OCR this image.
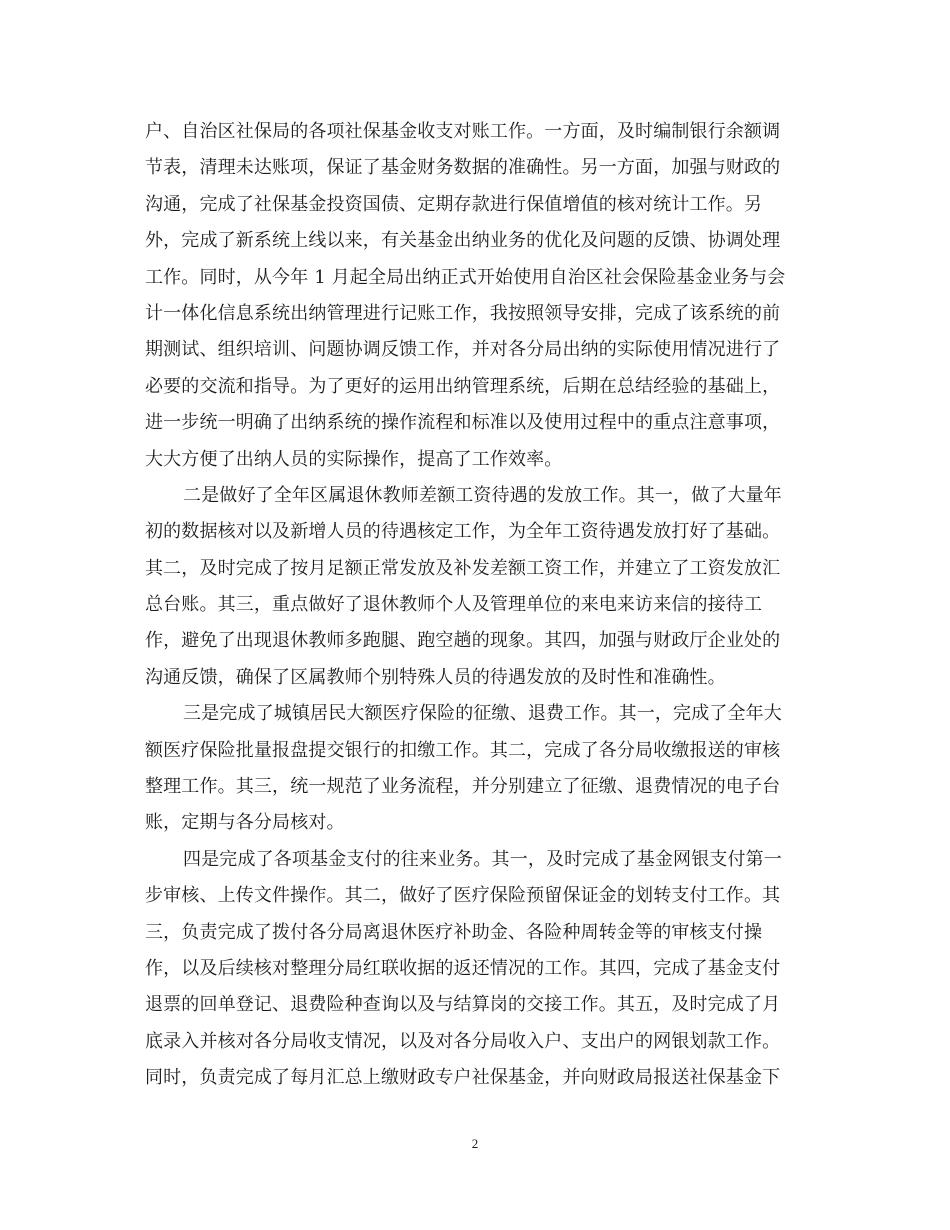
户、自治区社保局的各项社保基金收支对账工作。一方面，及时编制银行余额调
节表，清理未达账项，保证了基金财务数据的准确性。另一方面，加强与财政的
沟通，完成了社保基金投资国债、定期存款进行保值增值的核对统计工作。另
外，完成了新系统上线以来，有关基金出纳业务的优化及问题的反馈、协调处理
工作。同时，从今年 1 月起全局出纳正式开始使用自治区社会保险基金业务与会
计一体化信息系统出纳管理进行记账工作，我按照领导安排，完成了该系统的前
期测试、组织培训、问题协调反馈工作，并对各分局出纳的实际使用情况进行了
必要的交流和指导。为了更好的运用出纳管理系统，后期在总结经验的基础上，
进一步统一明确了出纳系统的操作流程和标准以及使用过程中的重点注意事项，
大大方便了出纳人员的实际操作，提高了工作效率。
二是做好了全年区属退休教师差额工资待遇的发放工作。其一，做了大量年
初的数据核对以及新增人员的待遇核定工作，为全年工资待遇发放打好了基础。
其二，及时完成了按月足额正常发放及补发差额工资工作，并建立了工资发放汇
总台账。其三，重点做好了退休教师个人及管理单位的来电来访来信的接待工
作，避免了出现退休教师多跑腿、跑空趟的现象。其四，加强与财政厅企业处的
沟通反馈，确保了区属教师个别特殊人员的待遇发放的及时性和准确性。
三是完成了城镇居民大额医疗保险的征缴、退费工作。其一，完成了全年大
额医疗保险批量报盘提交银行的扣缴工作。其二，完成了各分局收缴报送的审核
整理工作。其三，统一规范了业务流程，并分别建立了征缴、退费情况的电子台
账，定期与各分局核对。
四是完成了各项基金支付的往来业务。其一，及时完成了基金网银支付第一
步审核、上传文件操作。其二，做好了医疗保险预留保证金的划转支付工作。其
三，负责完成了拨付各分局离退休医疗补助金、各险种周转金等的审核支付操
作，以及后续核对整理分局红联收据的返还情况的工作。其四，完成了基金支付
退票的回单登记、退费险种查询以及与结算岗的交接工作。其五，及时完成了月
底录入并核对各分局收支情况，以及对各分局收入户、支出户的网银划款工作。
同时，负责完成了每月汇总上缴财政专户社保基金，并向财政局报送社保基金下
2
